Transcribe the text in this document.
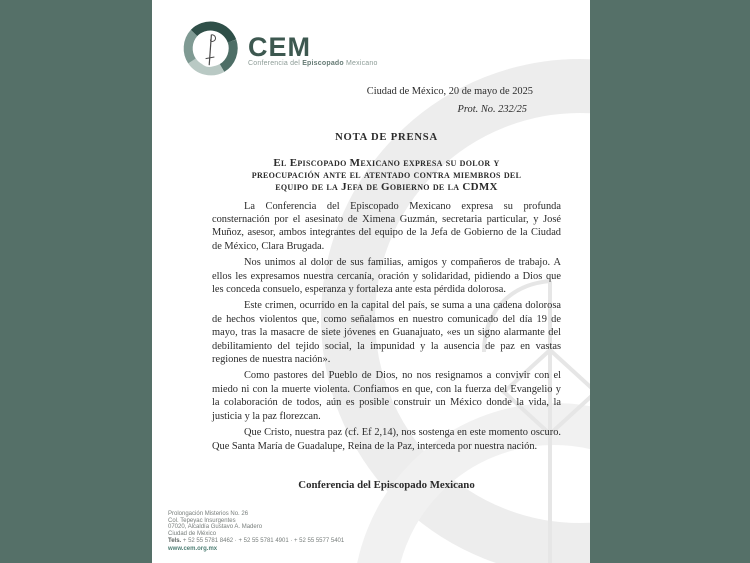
CEM
Conferencia del Episcopado Mexicano
Ciudad de México, 20 de mayo de 2025
Prot. No. 232/25
NOTA DE PRENSA
El Episcopado Mexicano expresa su dolor y
preocupación ante el atentado contra miembros del
equipo de la Jefa de Gobierno de la CDMX

La Conferencia del Episcopado Mexicano expresa su profunda consternación por el asesinato de Ximena Guzmán, secretaria particular, y José Muñoz, asesor, ambos integrantes del equipo de la Jefa de Gobierno de la Ciudad de México, Clara Brugada.

Nos unimos al dolor de sus familias, amigos y compañeros de trabajo. A ellos les expresamos nuestra cercanía, oración y solidaridad, pidiendo a Dios que les conceda consuelo, esperanza y fortaleza ante esta pérdida dolorosa.

Este crimen, ocurrido en la capital del país, se suma a una cadena dolorosa de hechos violentos que, como señalamos en nuestro comunicado del día 19 de mayo, tras la masacre de siete jóvenes en Guanajuato, «es un signo alarmante del debilitamiento del tejido social, la impunidad y la ausencia de paz en vastas regiones de nuestra nación».

Como pastores del Pueblo de Dios, no nos resignamos a convivir con el miedo ni con la muerte violenta. Confiamos en que, con la fuerza del Evangelio y la colaboración de todos, aún es posible construir un México donde la vida, la justicia y la paz florezcan.

Que Cristo, nuestra paz (cf. Ef 2,14), nos sostenga en este momento oscuro. Que Santa María de Guadalupe, Reina de la Paz, interceda por nuestra nación.

Conferencia del Episcopado Mexicano
Prolongación Misterios No. 26
Col. Tepeyac Insurgentes
07020, Alcaldía Gustavo A. Madero
Ciudad de México
Tels. + 52 55 5781 8462 · + 52 55 5781 4901 · + 52 55 5577 5401
www.cem.org.mx
